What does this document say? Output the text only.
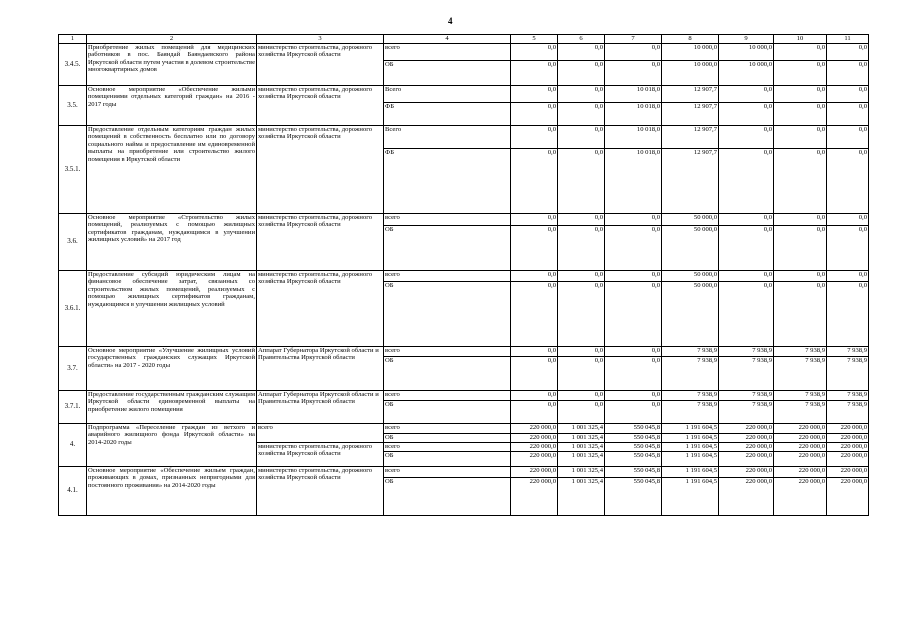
4
1	2	3	4	5	6	7	8	9	10	11
3.4.5.	Приобретение жилых помещений для медицинских работников в пос. Баяндай Баяндаевского района Иркутской области путем участия в долевом строительстве многоквартирных домов	министерство строительства, дорожного хозяйства Иркутской области	всего	0,0	0,0	0,0	10 000,0	10 000,0	0,0	0,0
			ОБ	0,0	0,0	0,0	10 000,0	10 000,0	0,0	0,0
3.5.	Основное мероприятие «Обеспечение жилыми помещениями отдельных категорий граждан» на 2016 - 2017 годы	министерство строительства, дорожного хозяйства Иркутской области	Всего	0,0	0,0	10 018,0	12 907,7	0,0	0,0	0,0
			ФБ	0,0	0,0	10 018,0	12 907,7	0,0	0,0	0,0
3.5.1.	Предоставление отдельным категориям граждан жилых помещений в собственность бесплатно или по договору социального найма и предоставление им единовременной выплаты на приобретение или строительство жилого помещения в Иркутской области	министерство строительства, дорожного хозяйства Иркутской области	Всего	0,0	0,0	10 018,0	12 907,7	0,0	0,0	0,0
			ФБ	0,0	0,0	10 018,0	12 907,7	0,0	0,0	0,0
3.6.	Основное мероприятие «Строительство жилых помещений, реализуемых с помощью жилищных сертификатов гражданам, нуждающимся в улучшении жилищных условий» на 2017 год	министерство строительства, дорожного хозяйства Иркутской области	всего	0,0	0,0	0,0	50 000,0	0,0	0,0	0,0
			ОБ	0,0	0,0	0,0	50 000,0	0,0	0,0	0,0
3.6.1.	Предоставление субсидий юридическим лицам на финансовое обеспечение затрат, связанных со строительством жилых помещений, реализуемых с помощью жилищных сертификатов гражданам, нуждающимся в улучшении жилищных условий	министерство строительства, дорожного хозяйства Иркутской области	всего	0,0	0,0	0,0	50 000,0	0,0	0,0	0,0
			ОБ	0,0	0,0	0,0	50 000,0	0,0	0,0	0,0
3.7.	Основное мероприятие «Улучшение жилищных условий государственных гражданских служащих Иркутской области» на 2017 - 2020 годы	Аппарат Губернатора Иркутской области и Правительства Иркутской области	всего	0,0	0,0	0,0	7 938,9	7 938,9	7 938,9	7 938,9
			ОБ	0,0	0,0	0,0	7 938,9	7 938,9	7 938,9	7 938,9
3.7.1.	Предоставление государственным гражданским служащим Иркутской области единовременной выплаты на приобретение жилого помещения	Аппарат Губернатора Иркутской области и Правительства Иркутской области	всего	0,0	0,0	0,0	7 938,9	7 938,9	7 938,9	7 938,9
			ОБ	0,0	0,0	0,0	7 938,9	7 938,9	7 938,9	7 938,9
4.	Подпрограмма «Переселение граждан из ветхого и аварийного жилищного фонда Иркутской области» на 2014-2020 годы	всего	всего	220 000,0	1 001 325,4	550 045,8	1 191 604,5	220 000,0	220 000,0	220 000,0
			ОБ	220 000,0	1 001 325,4	550 045,8	1 191 604,5	220 000,0	220 000,0	220 000,0
		министерство строительства, дорожного хозяйства Иркутской области	всего	220 000,0	1 001 325,4	550 045,8	1 191 604,5	220 000,0	220 000,0	220 000,0
			ОБ	220 000,0	1 001 325,4	550 045,8	1 191 604,5	220 000,0	220 000,0	220 000,0
4.1.	Основное мероприятие «Обеспечение жильем граждан, проживающих в домах, признанных непригодными для постоянного проживания» на 2014-2020 годы	министерство строительства, дорожного хозяйства Иркутской области	всего	220 000,0	1 001 325,4	550 045,8	1 191 604,5	220 000,0	220 000,0	220 000,0
			ОБ	220 000,0	1 001 325,4	550 045,8	1 191 604,5	220 000,0	220 000,0	220 000,0
